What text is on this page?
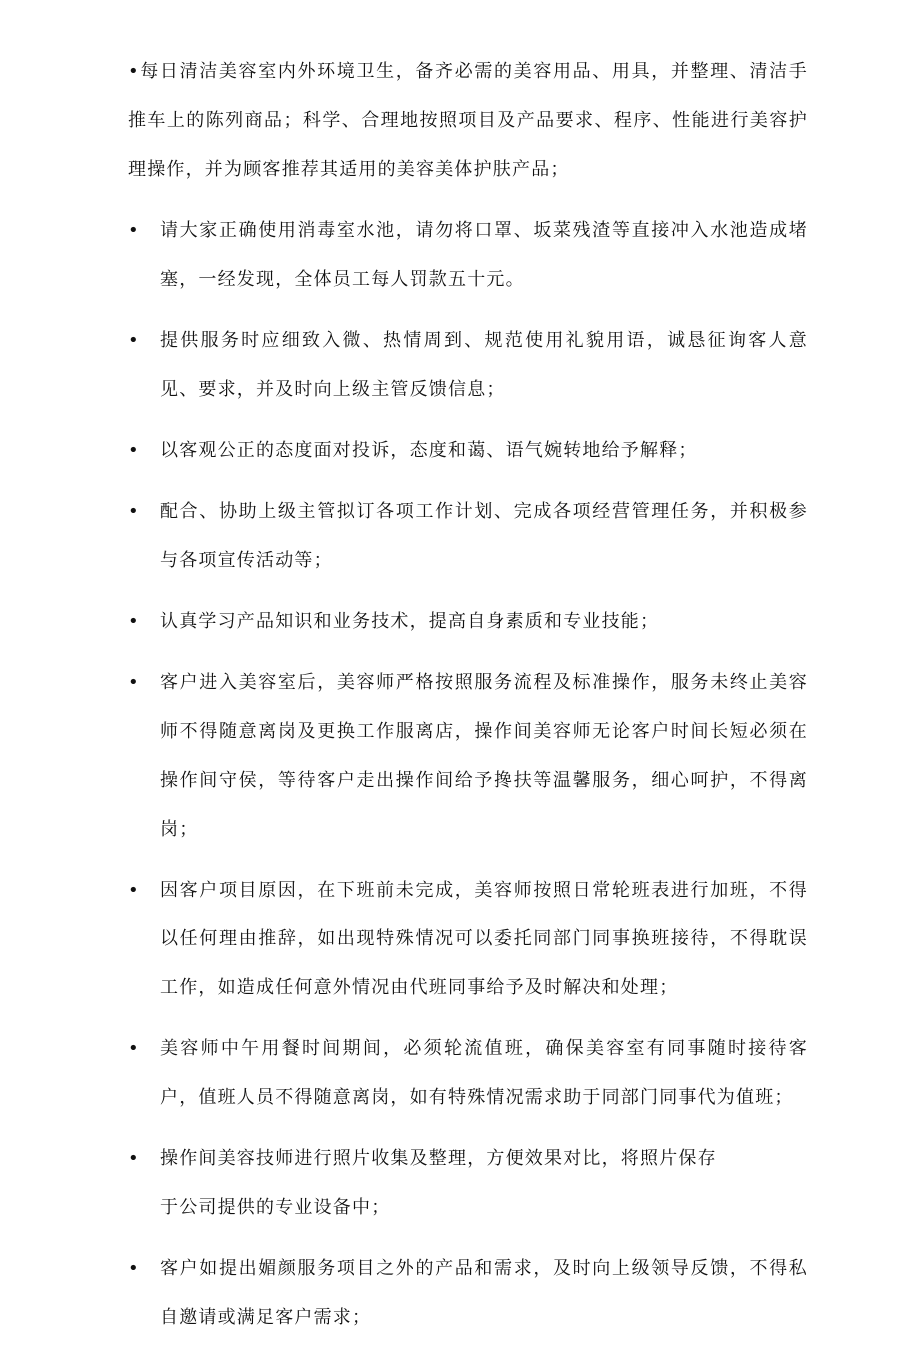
•每日清洁美容室内外环境卫生，备齐必需的美容用品、用具，并整理、清洁手推车上的陈列商品；科学、合理地按照项目及产品要求、程序、性能进行美容护理操作，并为顾客推荐其适用的美容美体护肤产品；
• 请大家正确使用消毒室水池，请勿将口罩、坂菜残渣等直接冲入水池造成堵塞，一经发现，全体员工每人罚款五十元。
• 提供服务时应细致入微、热情周到、规范使用礼貌用语，诚恳征询客人意见、要求，并及时向上级主管反馈信息；
• 以客观公正的态度面对投诉，态度和蔼、语气婉转地给予解释；
• 配合、协助上级主管拟订各项工作计划、完成各项经营管理任务，并积极参与各项宣传活动等；
• 认真学习产品知识和业务技术，提高自身素质和专业技能；
• 客户进入美容室后，美容师严格按照服务流程及标准操作，服务未终止美容师不得随意离岗及更换工作服离店，操作间美容师无论客户时间长短必须在操作间守侯，等待客户走出操作间给予搀扶等温馨服务，细心呵护，不得离岗；
• 因客户项目原因，在下班前未完成，美容师按照日常轮班表进行加班，不得以任何理由推辞，如出现特殊情况可以委托同部门同事换班接待，不得耽误工作，如造成任何意外情况由代班同事给予及时解决和处理；
• 美容师中午用餐时间期间，必须轮流值班，确保美容室有同事随时接待客户，值班人员不得随意离岗，如有特殊情况需求助于同部门同事代为值班；
• 操作间美容技师进行照片收集及整理，方便效果对比，将照片保存
于公司提供的专业设备中；
• 客户如提出媚颜服务项目之外的产品和需求，及时向上级领导反馈，不得私自邀请或满足客户需求；
